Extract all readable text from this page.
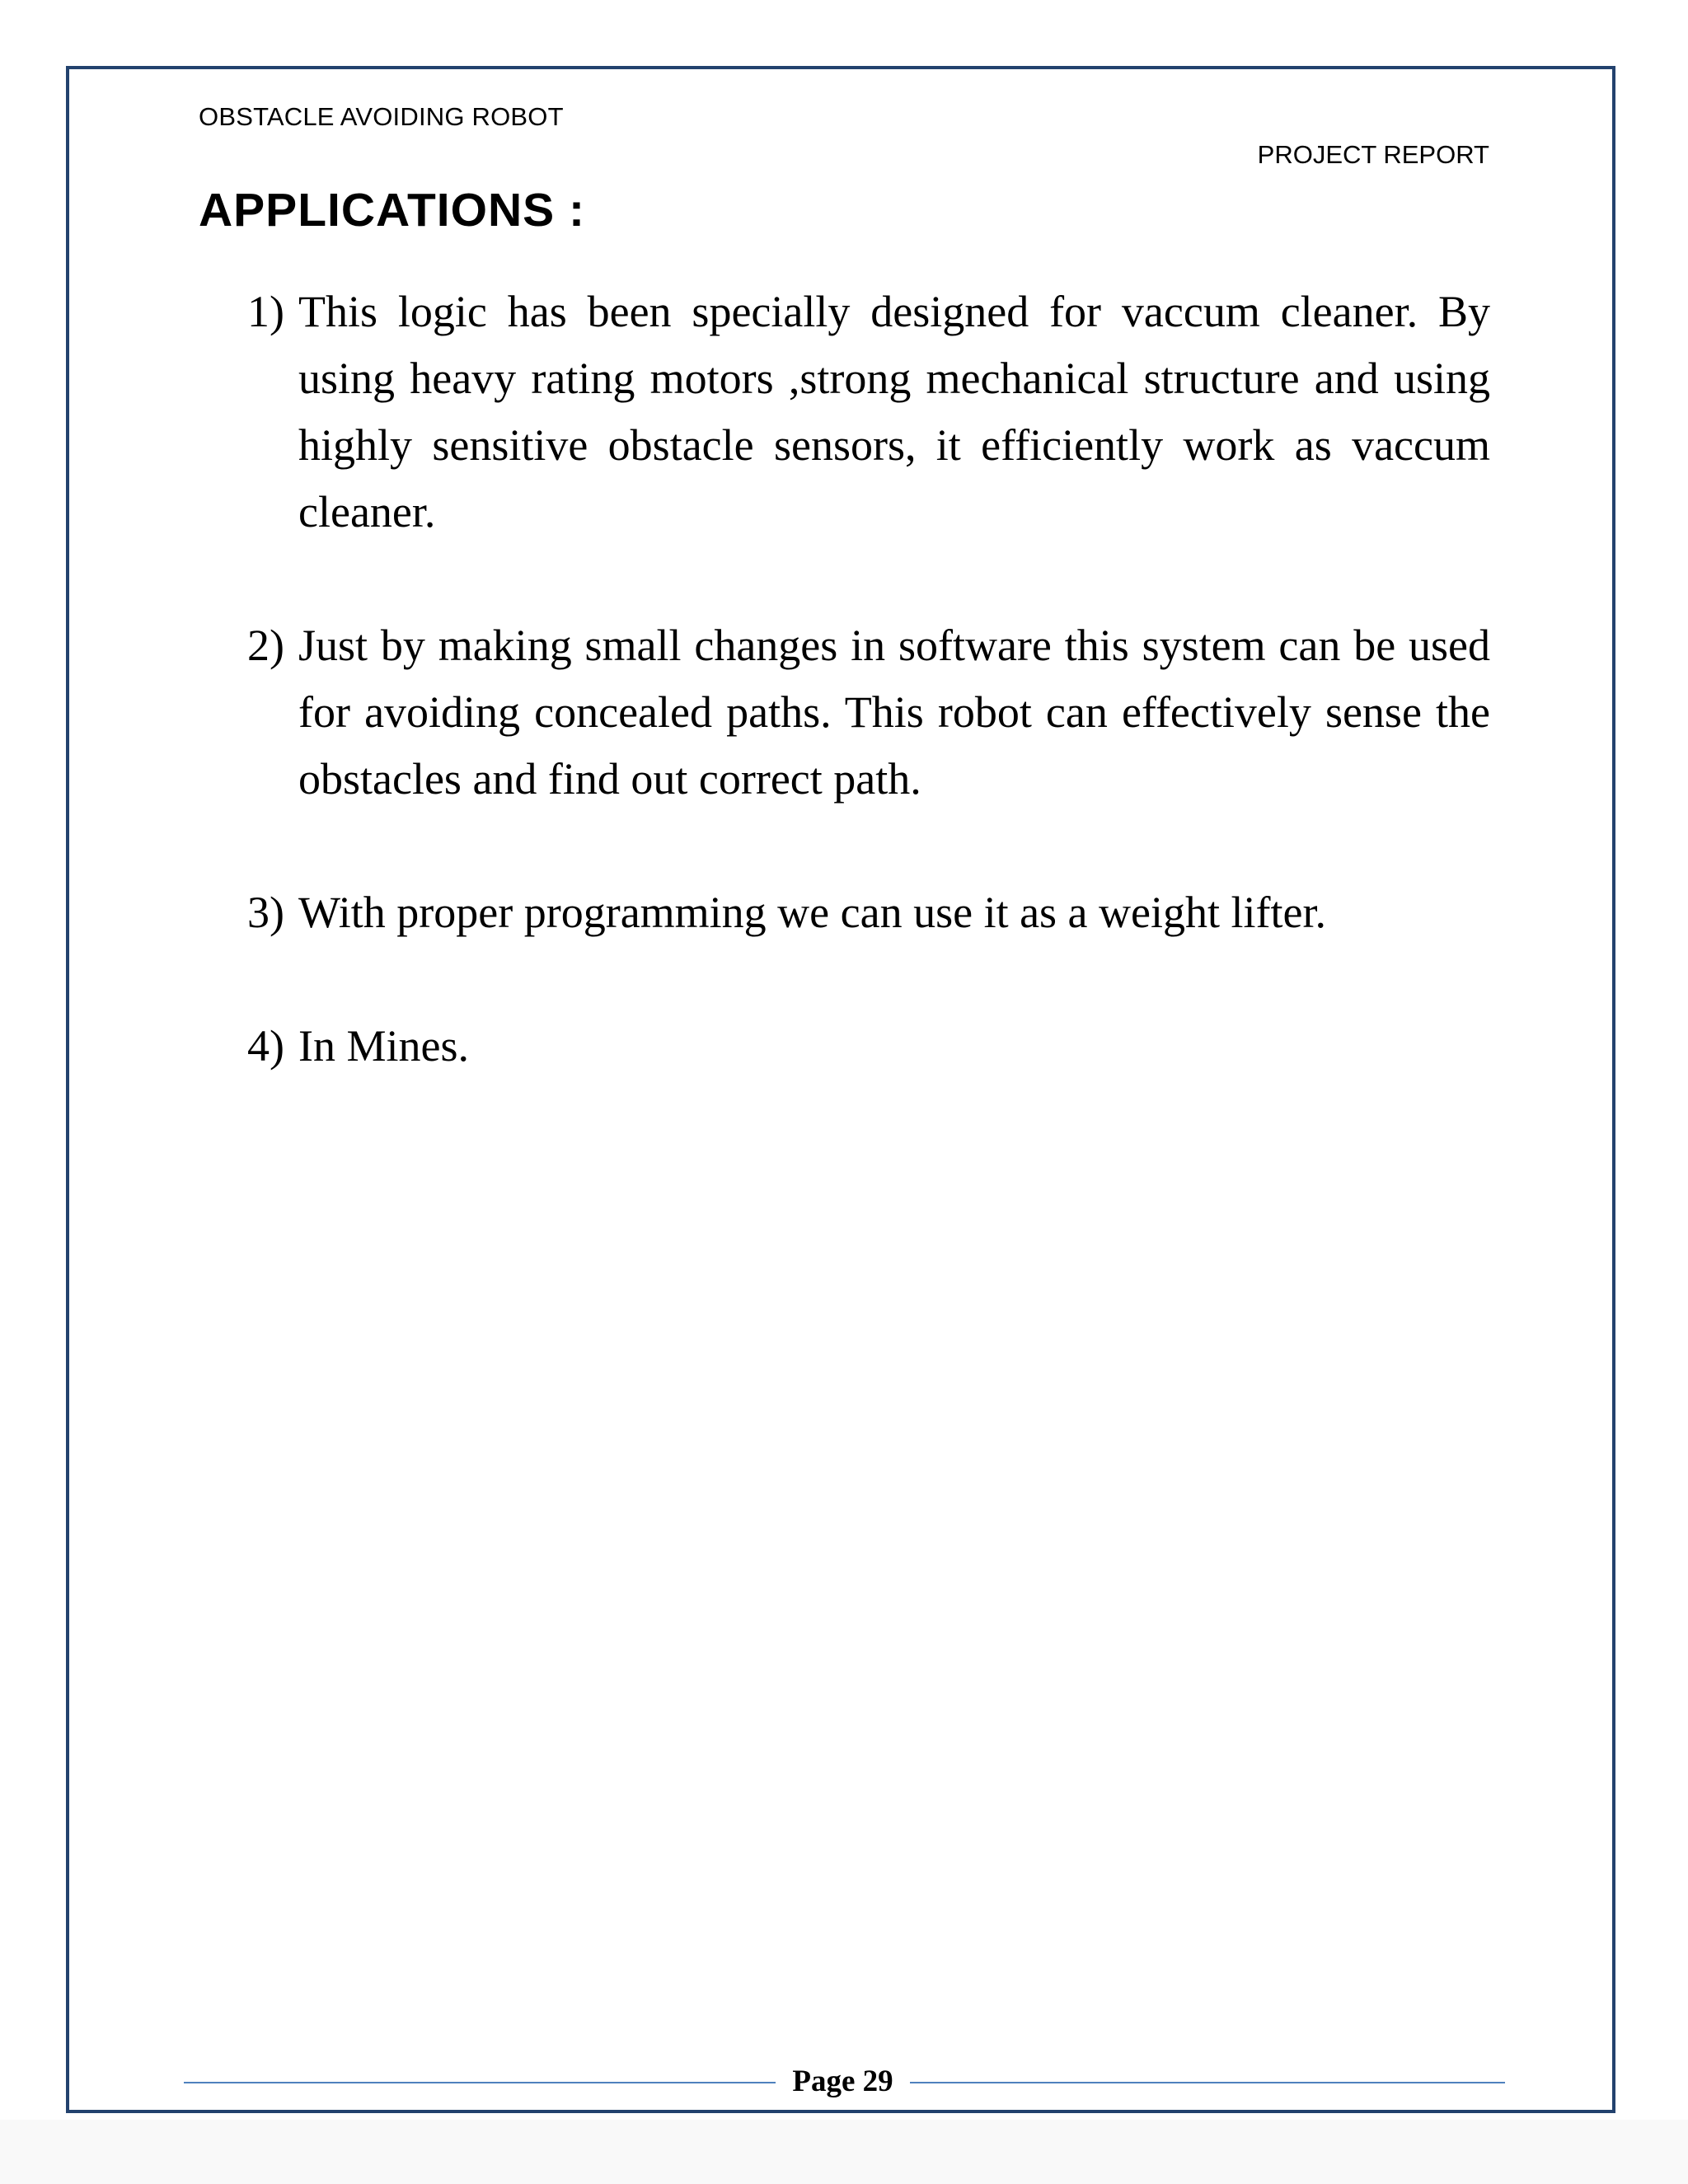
OBSTACLE AVOIDING ROBOT
PROJECT REPORT
APPLICATIONS :
1) This logic has been specially designed for vaccum cleaner. By using heavy rating motors ,strong mechanical structure and using highly sensitive obstacle sensors, it efficiently work as vaccum cleaner.
2) Just by making small changes in software this system can be used for avoiding concealed paths. This robot can effectively sense the obstacles and find out correct path.
3) With proper programming we can use it as a weight lifter.
4) In Mines.
Page 29
